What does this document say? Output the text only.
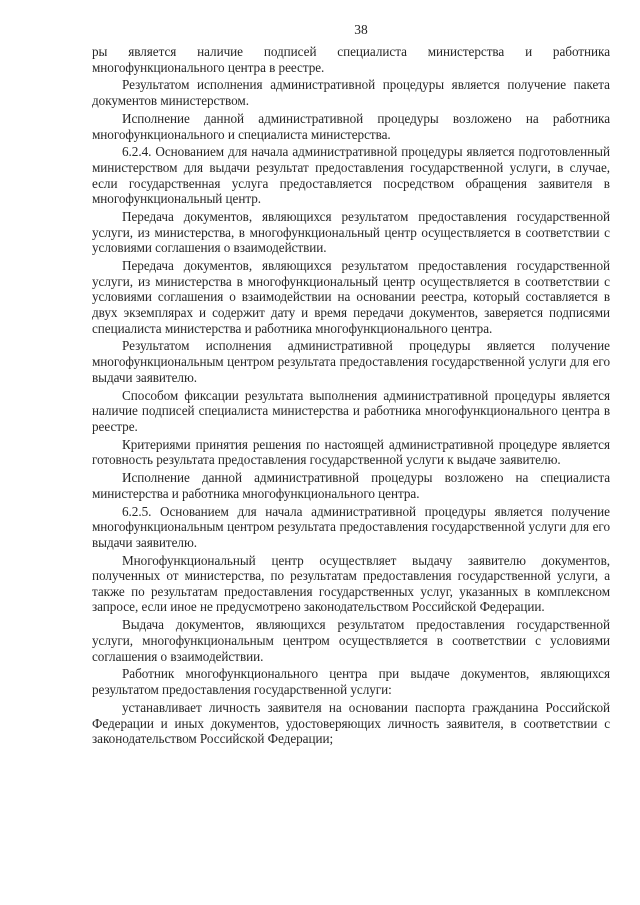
38

ры является наличие подписей специалиста министерства и работника многофункционального центра в реестре.

Результатом исполнения административной процедуры является получение пакета документов министерством.

Исполнение данной административной процедуры возложено на работника многофункционального и специалиста министерства.

6.2.4. Основанием для начала административной процедуры является подготовленный министерством для выдачи результат предоставления государственной услуги, в случае, если государственная услуга предоставляется посредством обращения заявителя в многофункциональный центр.

Передача документов, являющихся результатом предоставления государственной услуги, из министерства, в многофункциональный центр осуществляется в соответствии с условиями соглашения о взаимодействии.

Передача документов, являющихся результатом предоставления государственной услуги, из министерства в многофункциональный центр осуществляется в соответствии с условиями соглашения о взаимодействии на основании реестра, который составляется в двух экземплярах и содержит дату и время передачи документов, заверяется подписями специалиста министерства и работника многофункционального центра.

Результатом исполнения административной процедуры является получение многофункциональным центром результата предоставления государственной услуги для его выдачи заявителю.

Способом фиксации результата выполнения административной процедуры является наличие подписей специалиста министерства и работника многофункционального центра в реестре.

Критериями принятия решения по настоящей административной процедуре является готовность результата предоставления государственной услуги к выдаче заявителю.

Исполнение данной административной процедуры возложено на специалиста министерства и работника многофункционального центра.

6.2.5. Основанием для начала административной процедуры является получение многофункциональным центром результата предоставления государственной услуги для его выдачи заявителю.

Многофункциональный центр осуществляет выдачу заявителю документов, полученных от министерства, по результатам предоставления государственной услуги, а также по результатам предоставления государственных услуг, указанных в комплексном запросе, если иное не предусмотрено законодательством Российской Федерации.

Выдача документов, являющихся результатом предоставления государственной услуги, многофункциональным центром осуществляется в соответствии с условиями соглашения о взаимодействии.

Работник многофункционального центра при выдаче документов, являющихся результатом предоставления государственной услуги:

устанавливает личность заявителя на основании паспорта гражданина Российской Федерации и иных документов, удостоверяющих личность заявителя, в соответствии с законодательством Российской Федерации;
